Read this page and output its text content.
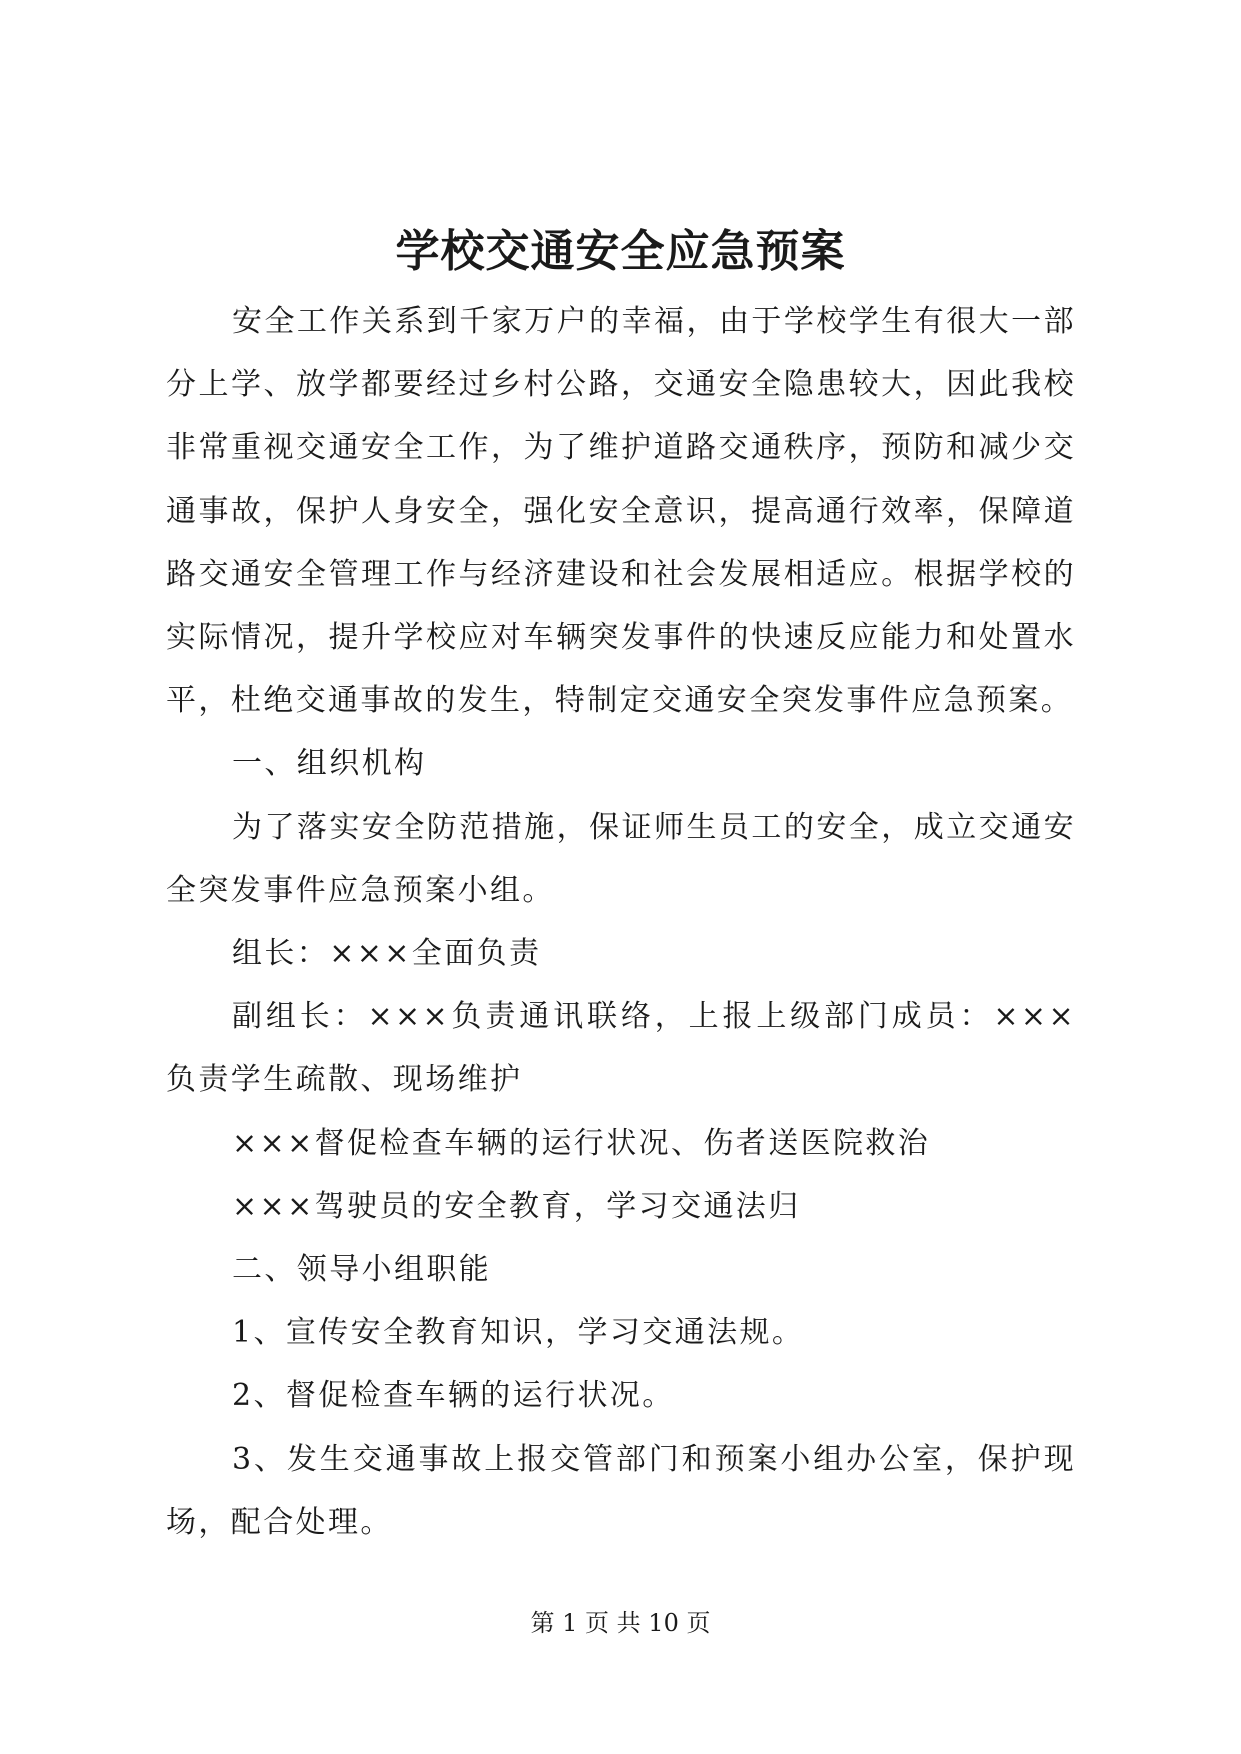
学校交通安全应急预案

安全工作关系到千家万户的幸福，由于学校学生有很大一部分上学、放学都要经过乡村公路，交通安全隐患较大，因此我校非常重视交通安全工作，为了维护道路交通秩序，预防和减少交通事故，保护人身安全，强化安全意识，提高通行效率，保障道路交通安全管理工作与经济建设和社会发展相适应。根据学校的实际情况，提升学校应对车辆突发事件的快速反应能力和处置水平，杜绝交通事故的发生，特制定交通安全突发事件应急预案。

一、组织机构

为了落实安全防范措施，保证师生员工的安全，成立交通安全突发事件应急预案小组。

组长：×××全面负责

副组长：×××负责通讯联络，上报上级部门成员：×××负责学生疏散、现场维护

×××督促检查车辆的运行状况、伤者送医院救治

×××驾驶员的安全教育，学习交通法归

二、领导小组职能

1、宣传安全教育知识，学习交通法规。

2、督促检查车辆的运行状况。

3、发生交通事故上报交管部门和预案小组办公室，保护现场，配合处理。

第 1 页 共 10 页
